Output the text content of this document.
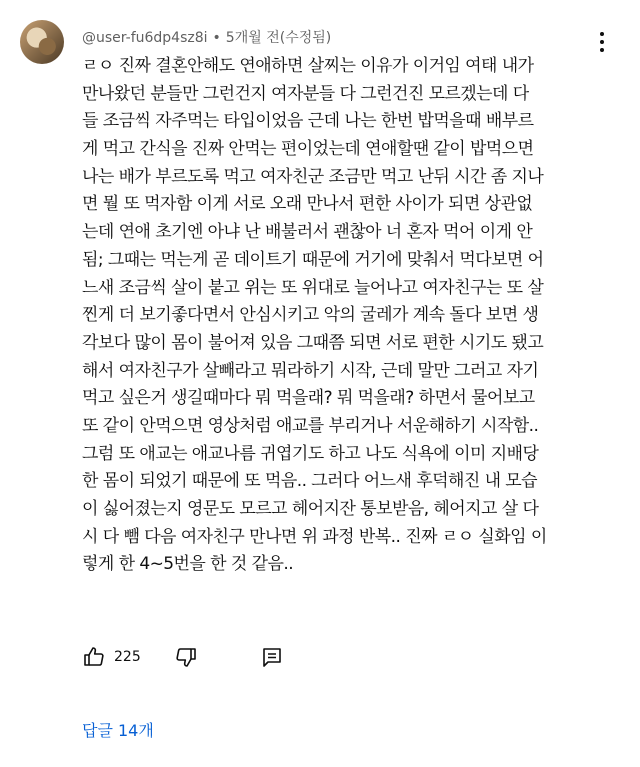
@user-fu6dp4sz8i • 5개월 전(수정됨)
ㄹㅇ 진짜 결혼안해도 연애하면 살찌는 이유가 이거임 여태 내가
만나왔던 분들만 그런건지 여자분들 다 그런건진 모르겠는데 다
들 조금씩 자주먹는 타입이었음 근데 나는 한번 밥먹을때 배부르
게 먹고 간식을 진짜 안먹는 편이었는데 연애할땐 같이 밥먹으면
나는 배가 부르도록 먹고 여자친군 조금만 먹고 난뒤 시간 좀 지나
면 뭘 또 먹자함 이게 서로 오래 만나서 편한 사이가 되면 상관없
는데 연애 초기엔 아냐 난 배불러서 괜찮아 너 혼자 먹어 이게 안
됨; 그때는 먹는게 곧 데이트기 때문에 거기에 맞춰서 먹다보면 어
느새 조금씩 살이 붙고 위는 또 위대로 늘어나고 여자친구는 또 살
찐게 더 보기좋다면서 안심시키고 악의 굴레가 계속 돌다 보면 생
각보다 많이 몸이 불어져 있음 그때쯤 되면 서로 편한 시기도 됐고
해서 여자친구가 살빼라고 뭐라하기 시작, 근데 말만 그러고 자기
먹고 싶은거 생길때마다 뭐 먹을래? 뭐 먹을래? 하면서 물어보고
또 같이 안먹으면 영상처럼 애교를 부리거나 서운해하기 시작함..
그럼 또 애교는 애교나름 귀엽기도 하고 나도 식욕에 이미 지배당
한 몸이 되었기 때문에 또 먹음.. 그러다 어느새 후덕해진 내 모습
이 싫어졌는지 영문도 모르고 헤어지잔 통보받음, 헤어지고 살 다
시 다 뺌 다음 여자친구 만나면 위 과정 반복.. 진짜 ㄹㅇ 실화임 이
렇게 한 4~5번을 한 것 같음..
225
답글 14개
